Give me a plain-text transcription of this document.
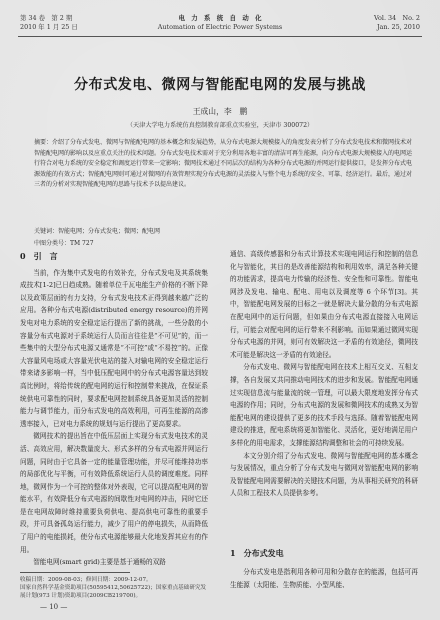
第 34 卷　第 2 期
2010 年 1 月 25 日
电　力　系　统　自　动　化
Automation of Electric Power Systems
Vol. 34　No. 2
Jan. 25, 2010
分布式发电、微网与智能配电网的发展与挑战
王成山，李　鹏
（天津大学电力系统仿真控制教育部重点实验室，天津市 300072）
摘要：介绍了分布式发电、微网与智能配电网的基本概念和发展趋势，从分布式电源大规模接入的角度发表分析了分布式发电技术和微网技术对智能配电网的影响以及应重点关注的技术问题。分布式发电技术需对于充分利用各地丰富的清洁可再生能源，向分布式电源大规模接入的电网运行符合对电力系统的安全稳定和调度运行带来一定影响；微网技术通过不同层次的结构为各种分布式电源的并网运行提供接口，是发挥分布式电源效能的有效方式；智能配电网则可通过对微网的有效管理实现分布式电源的灵活接入与整个电力系统的安全、可靠、经济运行。最后，通过对三者的分析对实现智能配电网的思路与技术予以提出建议。
关键词：智能电网；分布式发电；微网；配电网
中图分类号：TM 727
0　引　言

当前，作为集中式发电的有效补充，分布式发电及其系统集成技术[1-2]已日趋成熟。随着单位千瓦电能生产价格的不断下降以及政策层面的有力支持，分布式发电技术正得到越来越广泛的应用。各种分布式电源(distributed energy resource)的并网发电对电力系统的安全稳定运行提出了新的挑战，一些分散的小容量分布式电源对于系统运行人员而言往往是“不可见”的，而一些集中的大型分布式电源又通常是“不可控”或“不易控”的。正像大容量风电场或大容量光伏电站的接入对输电网的安全稳定运行带来诸多影响一样，当中低压配电网中的分布式电源容量达到较高比例时，将给传统的配电网的运行和控制带来挑战，在保证系统供电可靠性的同时，要求配电网控制系统具备更加灵活的控制能力与调节能力，而分布式发电的高效利用，可再生能源的高渗透率接入，已对电力系统的规划与运行提出了更高要求。

微网技术的提出旨在中低压层面上实现分布式发电技术的灵活、高效应用，解决数量庞大、形式多样的分布式电源并网运行问题，同时由于它具备一定的能量管理功能，并尽可能维持功率的局部优化与平衡，可有效降低系统运行人员的调度难度。同样地，微网作为一个可控的整体对外表现，它可以提高配电网的智能水平，有效降低分布式电源的间歇性对电网的冲击，同时它还是在电网故障时维持重要负荷供电、提高供电可靠性的重要手段，并可具备孤岛运行能力，减少了用户的停电损失，从而降低了用户的电能损耗，使分布式电源能够最大化地发挥其应有的作用。

智能电网(smart grid)主要是基于通畅的双路

通信、高级传感器和分布式计算技术实现电网运行和控制的信息化与智能化，其目的是改善能源结构和利用效率，满足各种关键的功能需求，提高电力传输的经济性、安全性和可靠性。智能电网涉及发电、输电、配电、用电以及调度等 6 个环节[3]。其中，智能配电网发展的目标之一就是解决大量分散的分布式电源在配电网中的运行问题，但如果由分布式电源直接接入电网运行，可能会对配电网的运行带来不利影响。而如果通过微网实现分布式电源的并网，则可有效解决这一矛盾的有效途径，微网技术可能是解决这一矛盾的有效途径。

分布式发电、微网与智能配电网在技术上相互交叉、互相支撑，各自发展又共同推动电网技术的进步和发展。智能配电网通过实现信息流与能量流的统一管理，可以最大限度地发挥分布式电源的作用；同时，分布式电源的发展和微网技术的成熟又为智能配电网的建设提供了更多的技术手段与选择。随着智能配电网建设的推进，配电系统将更加智能化、灵活化，更好地满足用户多样化的用电需求，支撑能源结构调整和社会的可持续发展。

本文分别介绍了分布式发电、微网与智能配电网的基本概念与发展情况，重点分析了分布式发电与微网对智能配电网的影响及智能配电网需要解决的关键技术问题，为从事相关研究的科研人员和工程技术人员提供参考。

1　分布式发电

分布式发电是指利用各种可用和分散存在的能源，包括可再生能源（太阳能、生物质能、小型风能、

收稿日期：2009-08-03；修回日期：2009-12-07。
国家自然科学基金资助项目(50595412,50625722)；国家重点基础研究发展计划(973 计划)资助项目(2009CB219700)。
— 10 —
